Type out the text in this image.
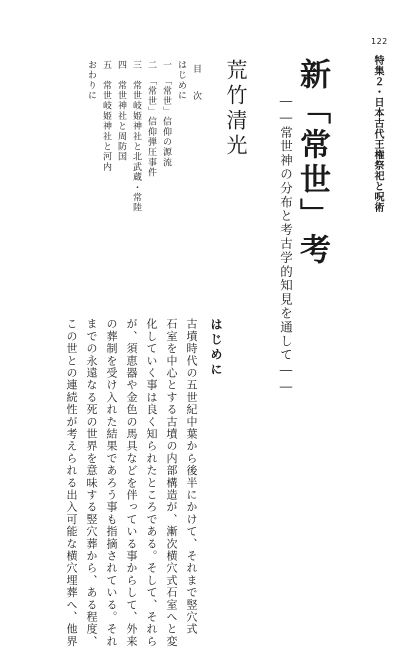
122
特集２・日本古代王権祭祀と呪術
新「常世」考
――常世神の分布と考古学的知見を通して――
荒竹清光
目次
はじめに
一　「常世」信仰の源流
二　「常世」信仰弾圧事件
三　常世岐姫神社と北武蔵・常陸
四　常世神社と周防国
五　常世岐姫神社と河内
おわりに
はじめに
古墳時代の五世紀中葉から後半にかけて、それまで竪穴式
石室を中心とする古墳の内部構造が、漸次横穴式石室へと変
化していく事は良く知られたところである。そして、それら
が、須恵器や金色の馬具などを伴っている事からして、外来
の葬制を受け入れた結果であろう事も指摘されている。それ
までの永遠なる死の世界を意味する竪穴葬から、ある程度、
この世との連続性が考えられる出入可能な横穴埋葬へ、他界
